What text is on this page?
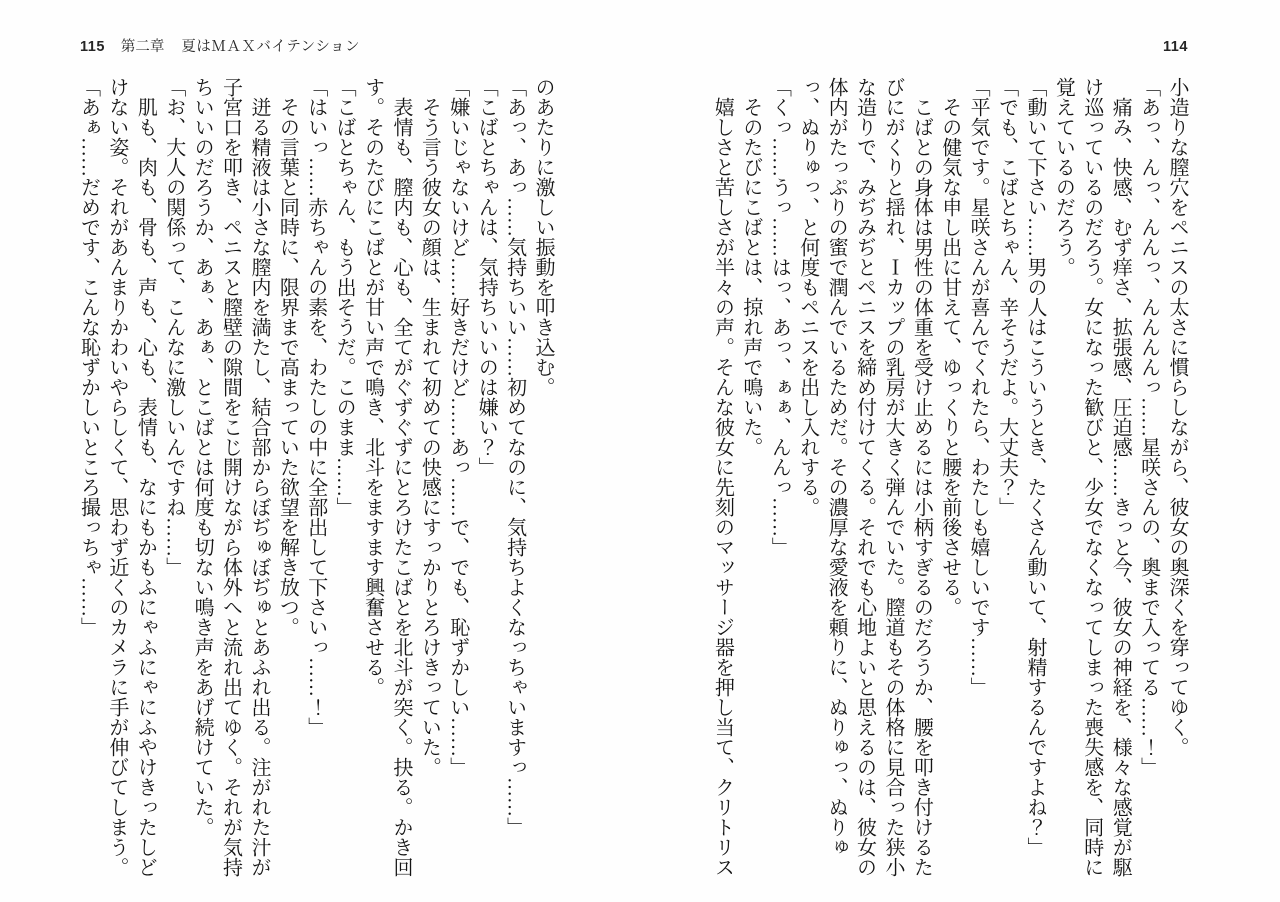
115 第二章 夏はＭＡＸバイテンション	114

小造りな膣穴をペニスの太さに慣らしながら、彼女の奥深くを穿ってゆく。

「あっ、んっ、んんっ、んんんんっ……星咲さんの、奥まで入ってる……！」

痛み、快感、むず痒さ、拡張感、圧迫感……きっと今、彼女の神経を、様々な感覚が駆け巡っているのだろう。女になった歓びと、少女でなくなってしまった喪失感を、同時に覚えているのだろう。

「動いて下さい……男の人はこういうとき、たくさん動いて、射精するんですよね？」

「でも、こばとちゃん、辛そうだよ。大丈夫？」

「平気です。星咲さんが喜んでくれたら、わたしも嬉しいです……」

その健気な申し出に甘えて、ゆっくりと腰を前後させる。

こばとの身体は男性の体重を受け止めるには小柄すぎるのだろうか、腰を叩き付けるたびにがくりと揺れ、Ｉカップの乳房が大きく弾んでいた。膣道もその体格に見合った狭小な造りで、みぢみぢとペニスを締め付けてくる。それでも心地よいと思えるのは、彼女の体内がたっぷりの蜜で潤んでいるためだ。その濃厚な愛液を頼りに、ぬりゅっ、ぬりゅっ、ぬりゅっ、と何度もペニスを出し入れする。

「くっ……うっ……はっ、あっ、ぁぁ、んんっ……」

そのたびにこばとは、掠れ声で鳴いた。

嬉しさと苦しさが半々の声。そんな彼女に先刻のマッサージ器を押し当て、クリトリス

のあたりに激しい振動を叩き込む。

「あっ、あっ……気持ちいい……初めてなのに、気持ちよくなっちゃいますっ……」

「こばとちゃんは、気持ちいいのは嫌い？」

「嫌いじゃないけど……好きだけど……あっ……で、でも、恥ずかしい……」

そう言う彼女の顔は、生まれて初めての快感にすっかりとろけきっていた。

表情も、膣内も、心も、全てがぐずぐずにとろけたこばとを北斗が突く。抉る。かき回す。そのたびにこばとが甘い声で鳴き、北斗をますます興奮させる。

「こばとちゃん、もう出そうだ。このまま……」

「はいっ……赤ちゃんの素を、わたしの中に全部出して下さいっ……！」

その言葉と同時に、限界まで高まっていた欲望を解き放つ。

迸る精液は小さな膣内を満たし、結合部からぼぢゅぼぢゅとあふれ出る。注がれた汁が子宮口を叩き、ペニスと膣壁の隙間をこじ開けながら体外へと流れ出てゆく。それが気持ちいいのだろうか、あぁ、あぁ、とこばとは何度も切ない鳴き声をあげ続けていた。

「お、大人の関係って、こんなに激しいんですね……」

肌も、肉も、骨も、声も、心も、表情も、なにもかもふにゃふにゃにふやけきったしどけない姿。それがあんまりかわいやらしくて、思わず近くのカメラに手が伸びてしまう。

「あぁ……だめです、こんな恥ずかしいところ撮っちゃ……」
